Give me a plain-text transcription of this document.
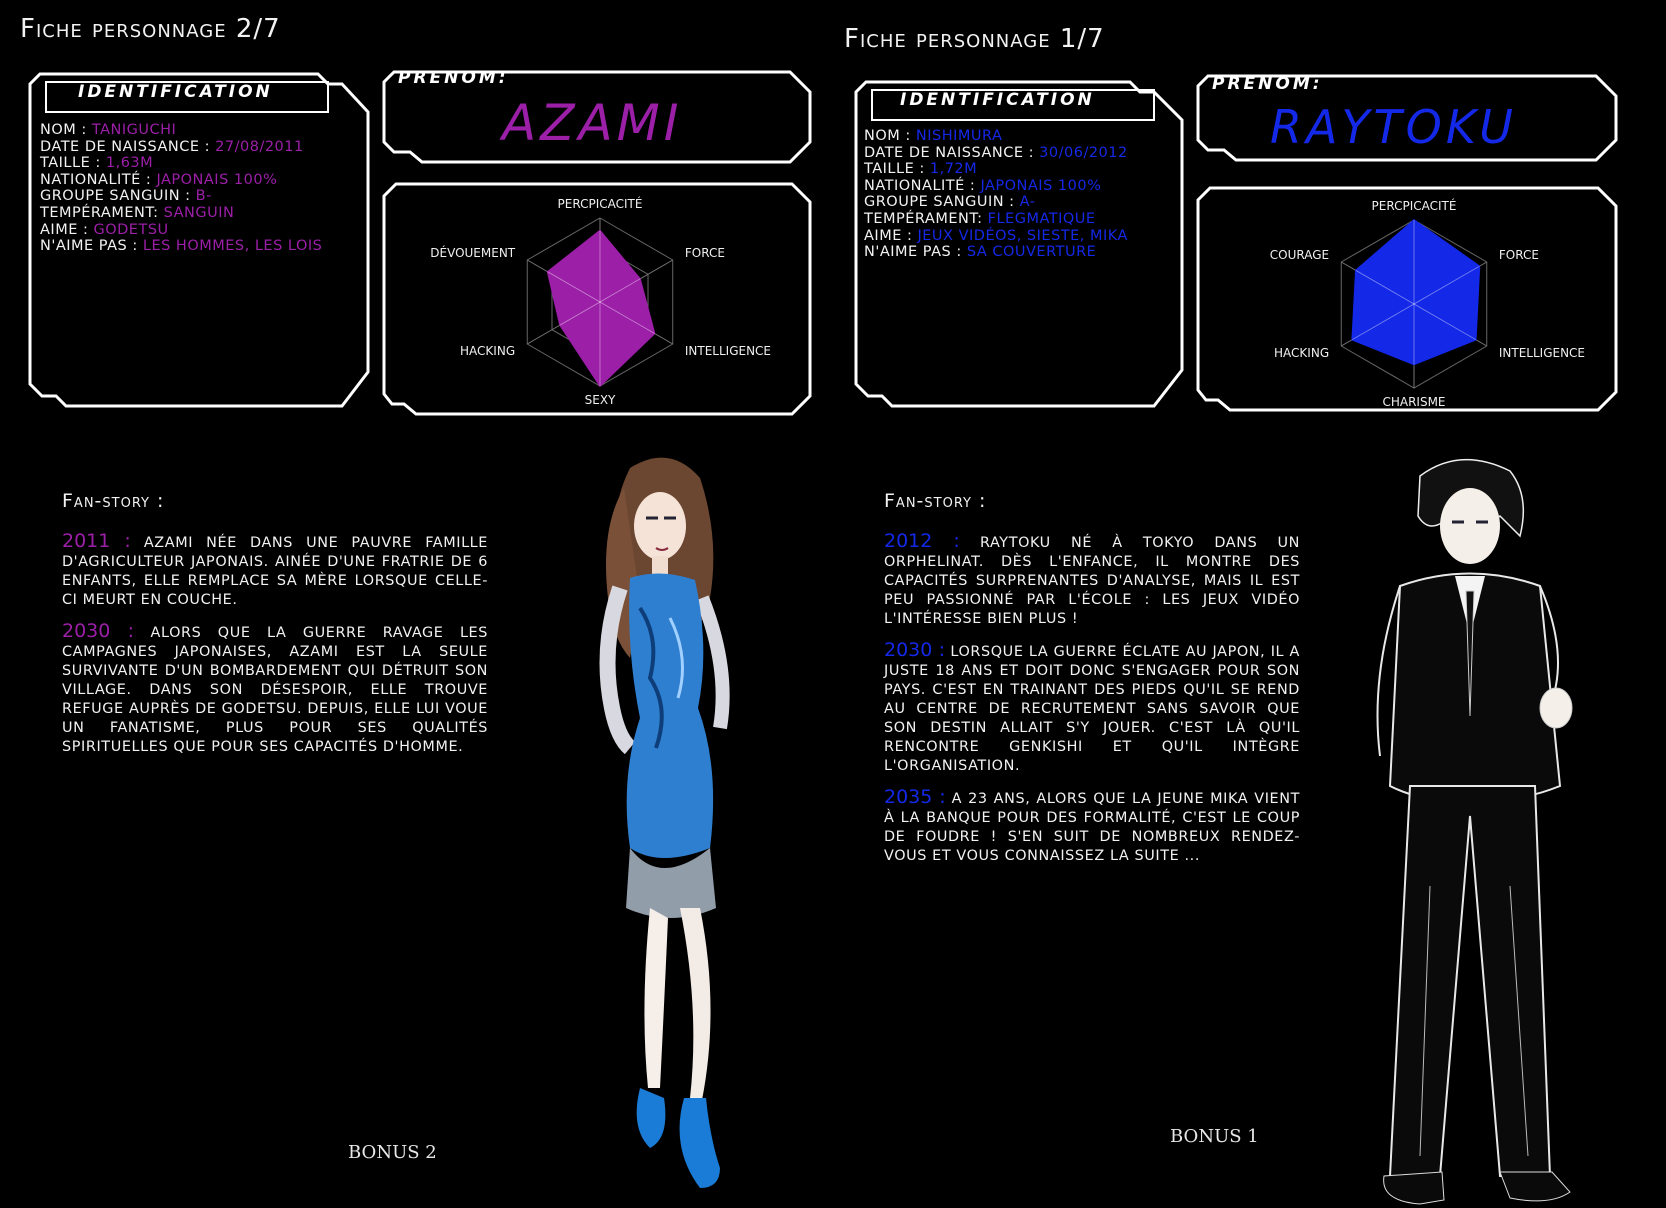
Fiche personnage 2/7
IDENTIFICATION
NOM : TANIGUCHI
DATE DE NAISSANCE : 27/08/2011
TAILLE : 1,63M
NATIONALITÉ : JAPONAIS 100%
GROUPE SANGUIN : B-
TEMPÉRAMENT: SANGUIN
AIME : GODETSU
N'AIME PAS : LES HOMMES, LES LOIS
PRENOM:
AZAMI
PERCPICACITÉ
FORCE
INTELLIGENCE
SEXY
HACKING
DÉVOUEMENT
Fan-story :

2011 : AZAMI NÉE DANS UNE PAUVRE FAMILLE D'AGRICULTEUR JAPONAIS. AINÉE D'UNE FRATRIE DE 6 ENFANTS, ELLE REMPLACE SA MÈRE LORSQUE CELLE-CI MEURT EN COUCHE.

2030 : ALORS QUE LA GUERRE RAVAGE LES CAMPAGNES JAPONAISES, AZAMI EST LA SEULE SURVIVANTE D'UN BOMBARDEMENT QUI DÉTRUIT SON VILLAGE. DANS SON DÉSESPOIR, ELLE TROUVE REFUGE AUPRÈS DE GODETSU. DEPUIS, ELLE LUI VOUE UN FANATISME, PLUS POUR SES QUALITÉS SPIRITUELLES QUE POUR SES CAPACITÉS D'HOMME.

BONUS 2
Fiche personnage 1/7
IDENTIFICATION
NOM : NISHIMURA
DATE DE NAISSANCE : 30/06/2012
TAILLE : 1,72M
NATIONALITÉ : JAPONAIS 100%
GROUPE SANGUIN : A-
TEMPÉRAMENT: FLEGMATIQUE
AIME : JEUX VIDÉOS, SIESTE, MIKA
N'AIME PAS : SA COUVERTURE
PRENOM:
RAYTOKU
PERCPICACITÉ
FORCE
INTELLIGENCE
CHARISME
HACKING
COURAGE
Fan-story :

2012 : RAYTOKU NÉ À TOKYO DANS UN ORPHELINAT. DÈS L'ENFANCE, IL MONTRE DES CAPACITÉS SURPRENANTES D'ANALYSE, MAIS IL EST PEU PASSIONNÉ PAR L'ÉCOLE : LES JEUX VIDÉO L'INTÉRESSE BIEN PLUS !

2030 : LORSQUE LA GUERRE ÉCLATE AU JAPON, IL A JUSTE 18 ANS ET DOIT DONC S'ENGAGER POUR SON PAYS. C'EST EN TRAINANT DES PIEDS QU'IL SE REND AU CENTRE DE RECRUTEMENT SANS SAVOIR QUE SON DESTIN ALLAIT S'Y JOUER. C'EST LÀ QU'IL RENCONTRE GENKISHI ET QU'IL INTÈGRE L'ORGANISATION.

2035 : A 23 ANS, ALORS QUE LA JEUNE MIKA VIENT À LA BANQUE POUR DES FORMALITÉ, C'EST LE COUP DE FOUDRE ! S'EN SUIT DE NOMBREUX RENDEZ-VOUS ET VOUS CONNAISSEZ LA SUITE ...

BONUS 1
